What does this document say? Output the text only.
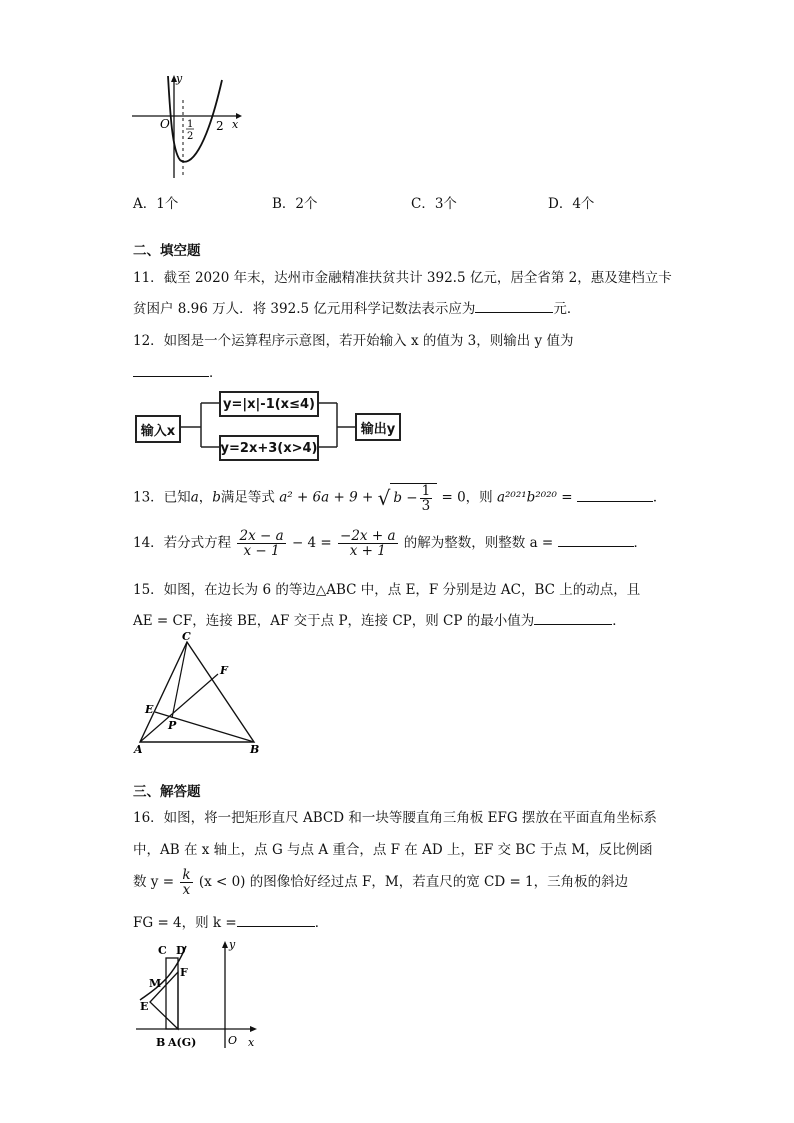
y
O 1
2
2 x
A．1个	B．2个	C．3个	D．4个
二、填空题
11．截至 2020 年末，达州市金融精准扶贫共计 392.5 亿元，居全省第 2，惠及建档立卡
贫困户 8.96 万人．将 392.5 亿元用科学记数法表示应为	元．
12．如图是一个运算程序示意图，若开始输入 x 的值为 3，则输出 y 值为
．
输入x
y=|x|-1(x≤4)
y=2x+3(x>4)
输出y
13．已知a，b满足等式 a² + 6a + 9 + √ $b - \frac{1}{3} = 0$，则 a²⁰²¹b²⁰²⁰ =	．
14．若分式方程 $\frac{2x - a}{x - 1} - 4 = \frac{-2x + a}{x + 1}$ 的解为整数，则整数 a =	．
15．如图，在边长为 6 的等边△ABC 中，点 E，F 分别是边 AC，BC 上的动点，且
AE = CF，连接 BE，AF 交于点 P，连接 CP，则 CP 的最小值为	．
C
F
E
P
A	B
三、解答题
16．如图，将一把矩形直尺 ABCD 和一块等腰直角三角板 EFG 摆放在平面直角坐标系
中，AB 在 x 轴上，点 G 与点 A 重合，点 F 在 AD 上，EF 交 BC 于点 M，反比例函
数 $y = \frac{k}{x} (x < 0)$ 的图像恰好经过点 F，M，若直尺的宽 CD = 1，三角板的斜边
FG = 4，则 k =	．
C D	y
M
F
E
B A(G)	O x
